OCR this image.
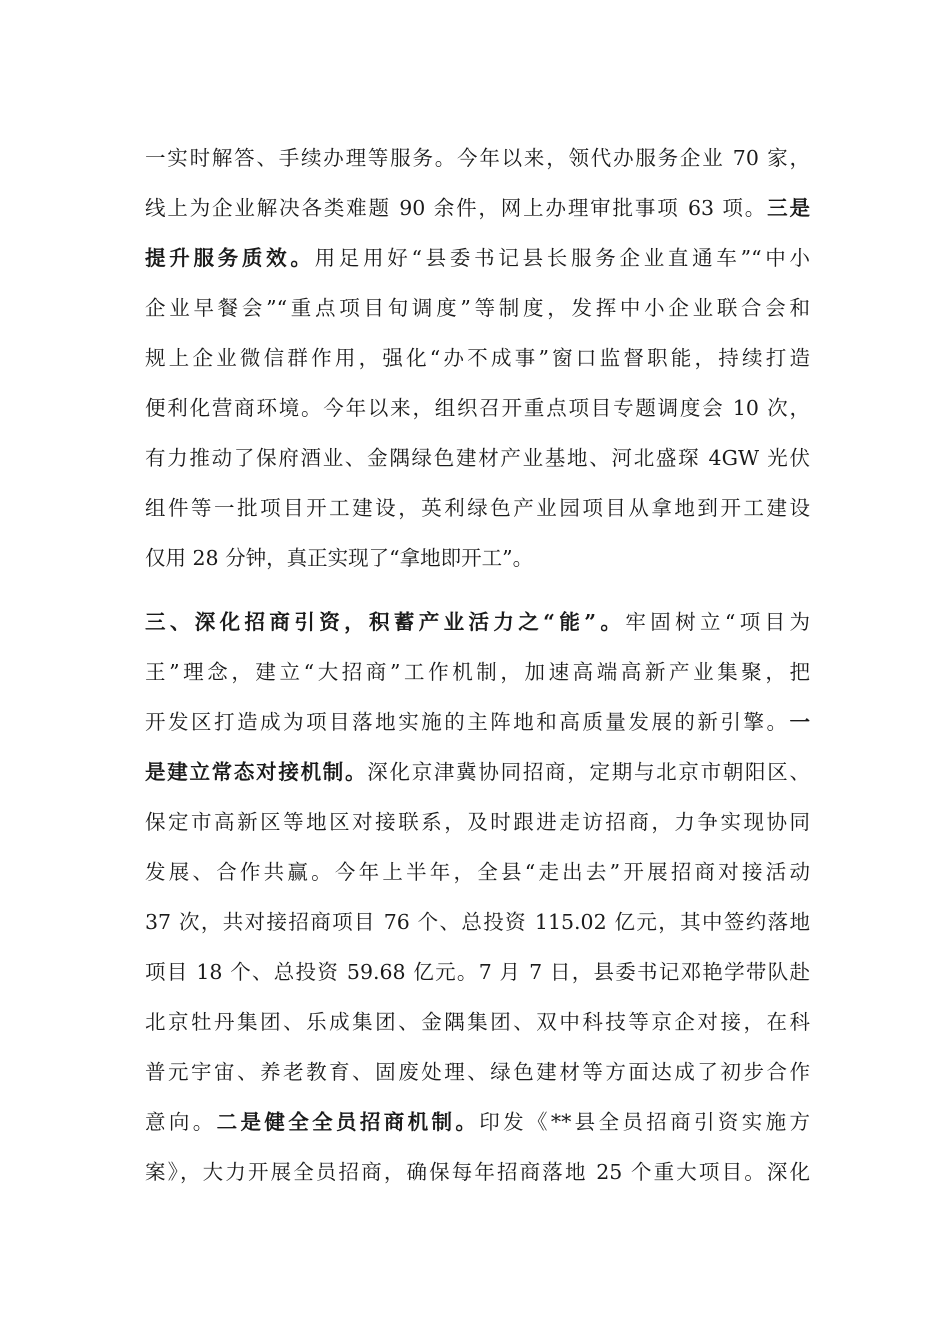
一实时解答、手续办理等服务。今年以来，领代办服务企业 70 家，
线上为企业解决各类难题 90 余件，网上办理审批事项 63 项。三是
提升服务质效。用足用好“县委书记县长服务企业直通车”“中小
企业早餐会”“重点项目旬调度”等制度，发挥中小企业联合会和
规上企业微信群作用，强化“办不成事”窗口监督职能，持续打造
便利化营商环境。今年以来，组织召开重点项目专题调度会 10 次，
有力推动了保府酒业、金隅绿色建材产业基地、河北盛琛 4GW 光伏
组件等一批项目开工建设，英利绿色产业园项目从拿地到开工建设
仅用 28 分钟，真正实现了“拿地即开工”。
三、深化招商引资，积蓄产业活力之“能”。牢固树立“项目为
王”理念，建立“大招商”工作机制，加速高端高新产业集聚，把
开发区打造成为项目落地实施的主阵地和高质量发展的新引擎。一
是建立常态对接机制。深化京津冀协同招商，定期与北京市朝阳区、
保定市高新区等地区对接联系，及时跟进走访招商，力争实现协同
发展、合作共赢。今年上半年，全县“走出去”开展招商对接活动
37 次，共对接招商项目 76 个、总投资 115.02 亿元，其中签约落地
项目 18 个、总投资 59.68 亿元。7 月 7 日，县委书记邓艳学带队赴
北京牡丹集团、乐成集团、金隅集团、双中科技等京企对接，在科
普元宇宙、养老教育、固废处理、绿色建材等方面达成了初步合作
意向。二是健全全员招商机制。印发《**县全员招商引资实施方
案》，大力开展全员招商，确保每年招商落地 25 个重大项目。深化
